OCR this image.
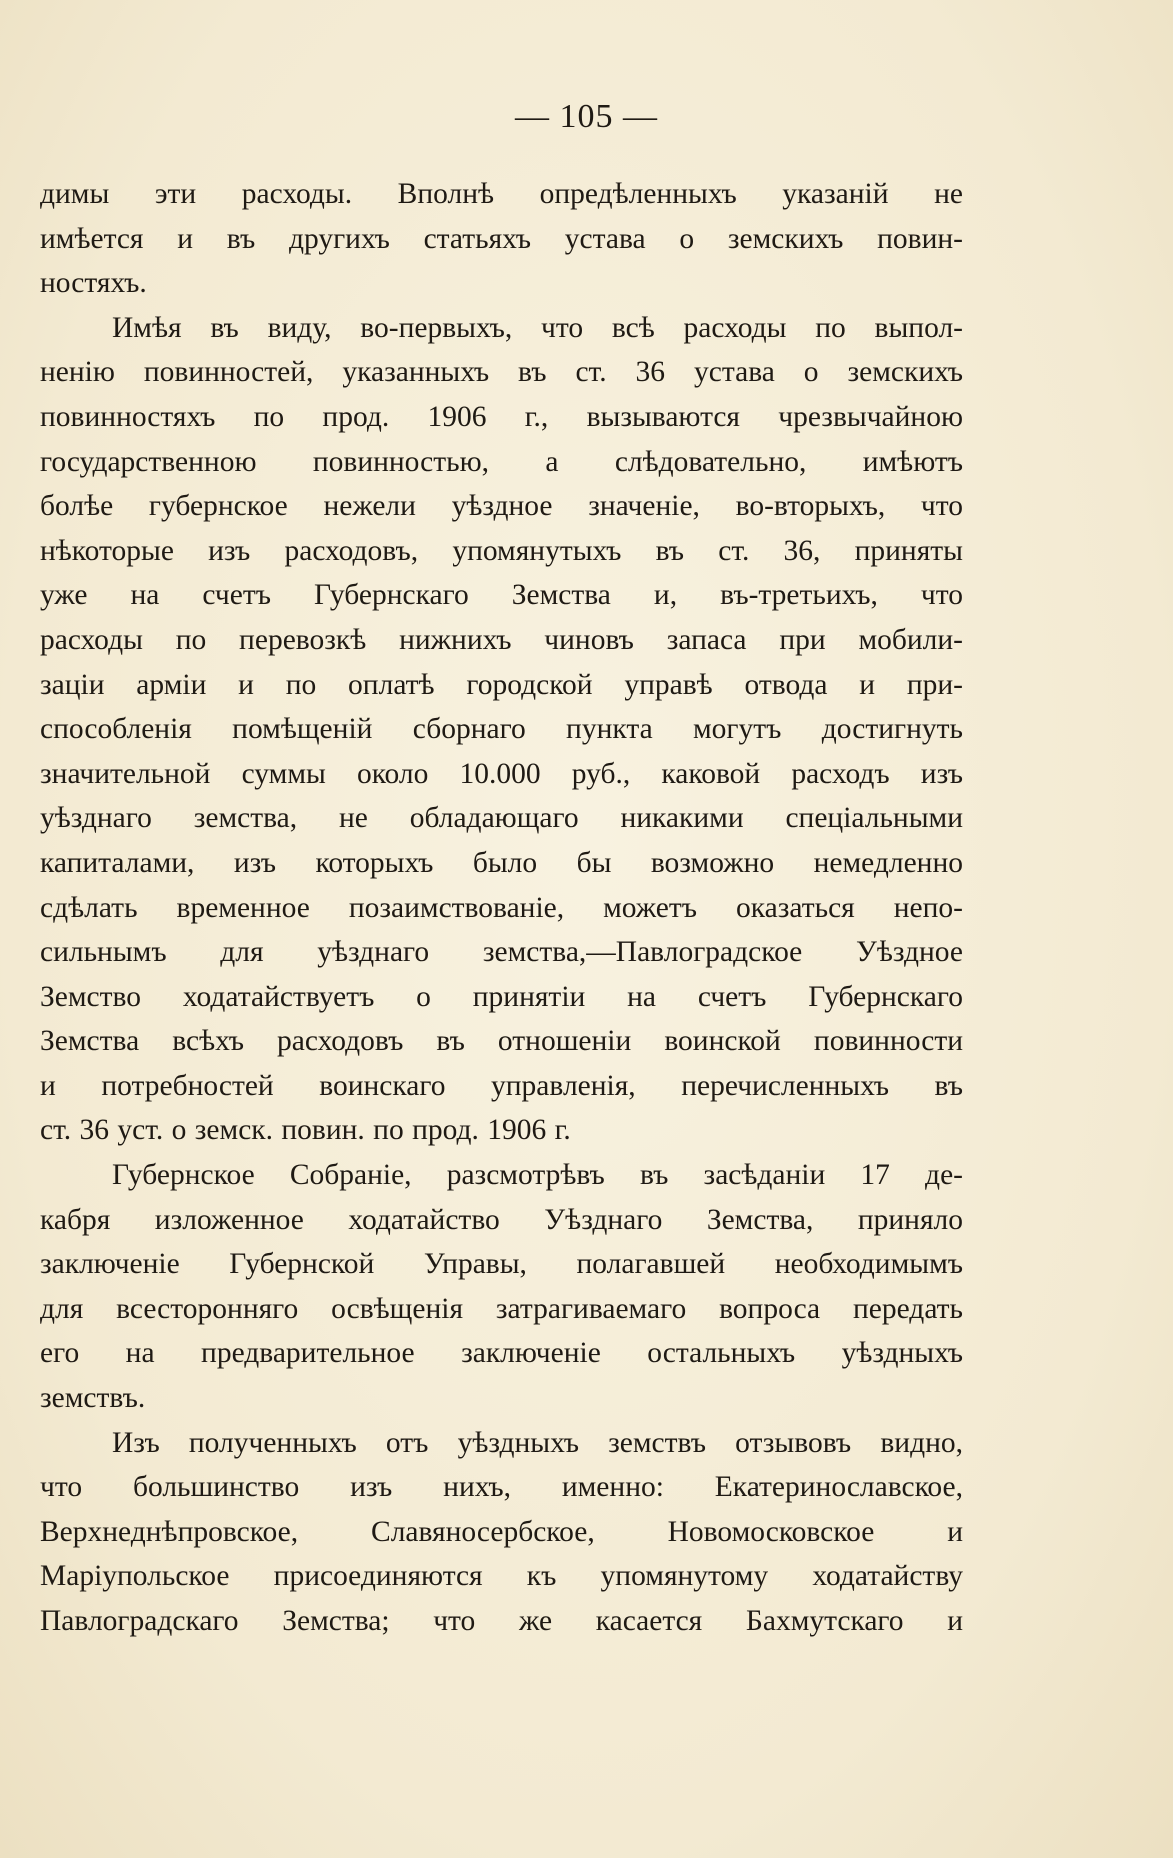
— 105 —

димы эти расходы. Вполнѣ опредѣленныхъ указанiй не
имѣется и въ другихъ статьяхъ устава о земскихъ повин-
ностяхъ.

Имѣя въ виду, во-первыхъ, что всѣ расходы по выпол-
ненiю повинностей, указанныхъ въ ст. 36 устава о земскихъ
повинностяхъ по прод. 1906 г., вызываются чрезвычайною
государственною повинностью, а слѣдовательно, имѣютъ
болѣе губернское нежели уѣздное значенiе, во-вторыхъ, что
нѣкоторые изъ расходовъ, упомянутыхъ въ ст. 36, приняты
уже на счетъ Губернскаго Земства и, въ-третьихъ, что
расходы по перевозкѣ нижнихъ чиновъ запаса при мобили-
зацiи армiи и по оплатѣ городской управѣ отвода и при-
способленiя помѣщенiй сборнаго пункта могутъ достигнуть
значительной суммы около 10.000 руб., каковой расходъ изъ
уѣзднаго земства, не обладающаго никакими спецiальными
капиталами, изъ которыхъ было бы возможно немедленно
сдѣлать временное позаимствованiе, можетъ оказаться непо-
сильнымъ для уѣзднаго земства,—Павлоградское Уѣздное
Земство ходатайствуетъ о принятiи на счетъ Губернскаго
Земства всѣхъ расходовъ въ отношенiи воинской повинности
и потребностей воинскаго управленiя, перечисленныхъ въ
ст. 36 уст. о земск. повин. по прод. 1906 г.

Губернское Собранiе, разсмотрѣвъ въ засѣданiи 17 де-
кабря изложенное ходатайство Уѣзднаго Земства, приняло
заключенiе Губернской Управы, полагавшей необходимымъ
для всесторонняго освѣщенiя затрагиваемаго вопроса передать
его на предварительное заключенiе остальныхъ уѣздныхъ
земствъ.

Изъ полученныхъ отъ уѣздныхъ земствъ отзывовъ видно,
что большинство изъ нихъ, именно: Екатеринославское,
Верхнеднѣпровское, Славяносербское, Новомосковское и
Марiупольское присоединяются къ упомянутому ходатайству
Павлоградскаго Земства; что же касается Бахмутскаго и
